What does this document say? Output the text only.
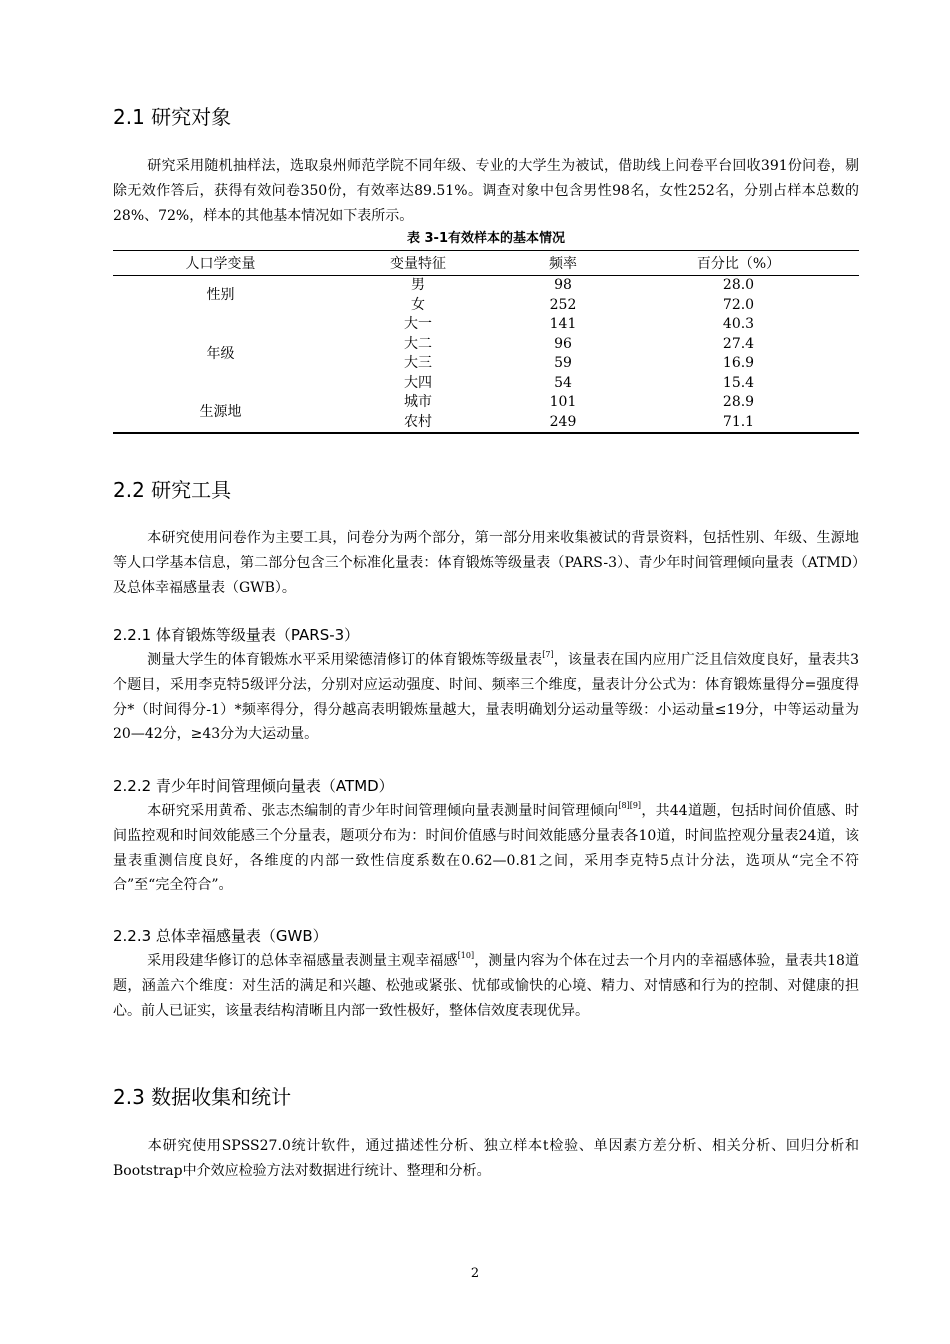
2.1 研究对象

研究采用随机抽样法，选取泉州师范学院不同年级、专业的大学生为被试，借助线上问卷平台回收391份问卷，剔除无效作答后，获得有效问卷350份，有效率达89.51%。调查对象中包含男性98名，女性252名，分别占样本总数的28%、72%，样本的其他基本情况如下表所示。

表 3-1有效样本的基本情况
人口学变量	变量特征	频率	百分比（%）
性别	男	98	28.0
	女	252	72.0
年级	大一	141	40.3
	大二	96	27.4
	大三	59	16.9
	大四	54	15.4
生源地	城市	101	28.9
	农村	249	71.1
2.2 研究工具

本研究使用问卷作为主要工具，问卷分为两个部分，第一部分用来收集被试的背景资料，包括性别、年级、生源地等人口学基本信息，第二部分包含三个标准化量表：体育锻炼等级量表（PARS-3）、青少年时间管理倾向量表（ATMD）及总体幸福感量表（GWB）。

2.2.1 体育锻炼等级量表（PARS-3）

测量大学生的体育锻炼水平采用梁德清修订的体育锻炼等级量表[7]，该量表在国内应用广泛且信效度良好，量表共3个题目，采用李克特5级评分法，分别对应运动强度、时间、频率三个维度，量表计分公式为：体育锻炼量得分=强度得分*（时间得分-1）*频率得分，得分越高表明锻炼量越大，量表明确划分运动量等级：小运动量≤19分，中等运动量为20—42分，≥43分为大运动量。

2.2.2 青少年时间管理倾向量表（ATMD）

本研究采用黄希、张志杰编制的青少年时间管理倾向量表测量时间管理倾向[8][9]，共44道题，包括时间价值感、时间监控观和时间效能感三个分量表，题项分布为：时间价值感与时间效能感分量表各10道，时间监控观分量表24道，该量表重测信度良好，各维度的内部一致性信度系数在0.62—0.81之间，采用李克特5点计分法，选项从“完全不符合”至“完全符合”。

2.2.3 总体幸福感量表（GWB）

采用段建华修订的总体幸福感量表测量主观幸福感[10]，测量内容为个体在过去一个月内的幸福感体验，量表共18道题，涵盖六个维度：对生活的满足和兴趣、松弛或紧张、忧郁或愉快的心境、精力、对情感和行为的控制、对健康的担心。前人已证实，该量表结构清晰且内部一致性极好，整体信效度表现优异。

2.3 数据收集和统计

本研究使用SPSS27.0统计软件，通过描述性分析、独立样本t检验、单因素方差分析、相关分析、回归分析和Bootstrap中介效应检验方法对数据进行统计、整理和分析。

2
